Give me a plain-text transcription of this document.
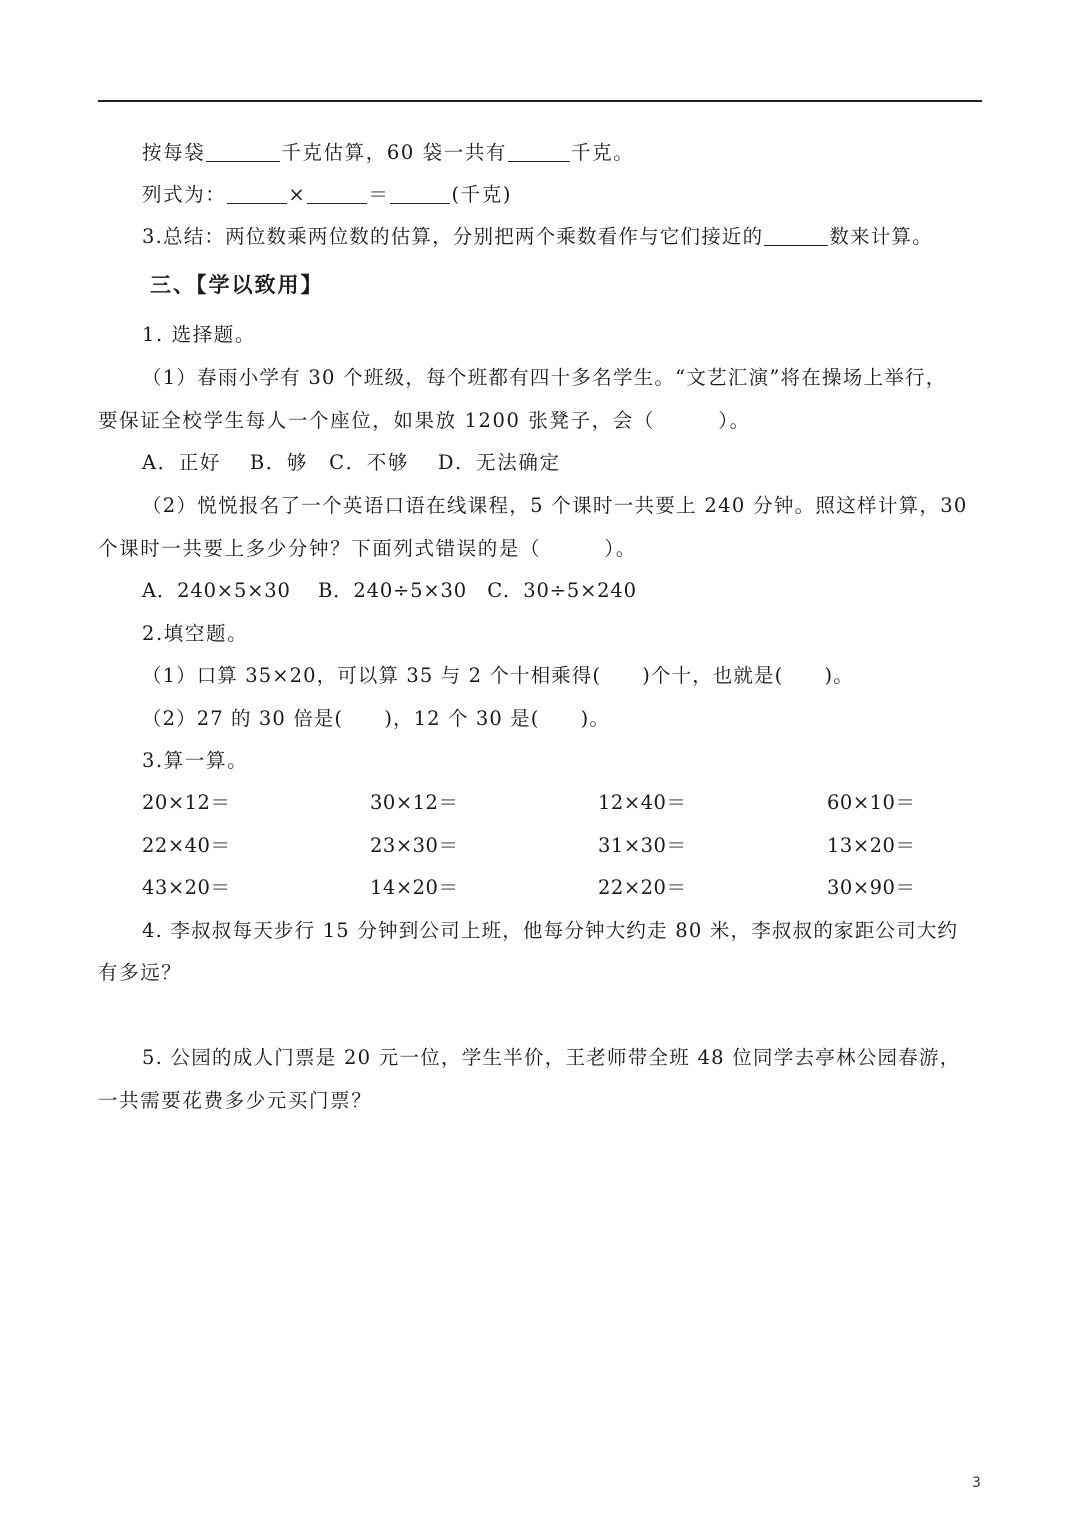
按每袋	千克估算，60 袋一共有	千克。
列式为：	×	＝	(千克)
3.总结：两位数乘两位数的估算，分别把两个乘数看作与它们接近的	数来计算。
三、【学以致用】
1. 选择题。
（1）春雨小学有 30 个班级，每个班都有四十多名学生。“文艺汇演”将在操场上举行，
要保证全校学生每人一个座位，如果放 1200 张凳子，会（　　　）。
A．正好　 B．够　C．不够　 D．无法确定
（2）悦悦报名了一个英语口语在线课程，5 个课时一共要上 240 分钟。照这样计算，30
个课时一共要上多少分钟？下面列式错误的是（　　　）。
A．240×5×30　 B．240÷5×30　C．30÷5×240
2.填空题。
（1）口算 35×20，可以算 35 与 2 个十相乘得(　　)个十，也就是(　　)。
（2）27 的 30 倍是(　　)，12 个 30 是(　　)。
3.算一算。
20×12＝	30×12＝	12×40＝	60×10＝
22×40＝	23×30＝	31×30＝	13×20＝
43×20＝	14×20＝	22×20＝	30×90＝
4. 李叔叔每天步行 15 分钟到公司上班，他每分钟大约走 80 米，李叔叔的家距公司大约
有多远？
5. 公园的成人门票是 20 元一位，学生半价，王老师带全班 48 位同学去亭林公园春游，
一共需要花费多少元买门票？
3
